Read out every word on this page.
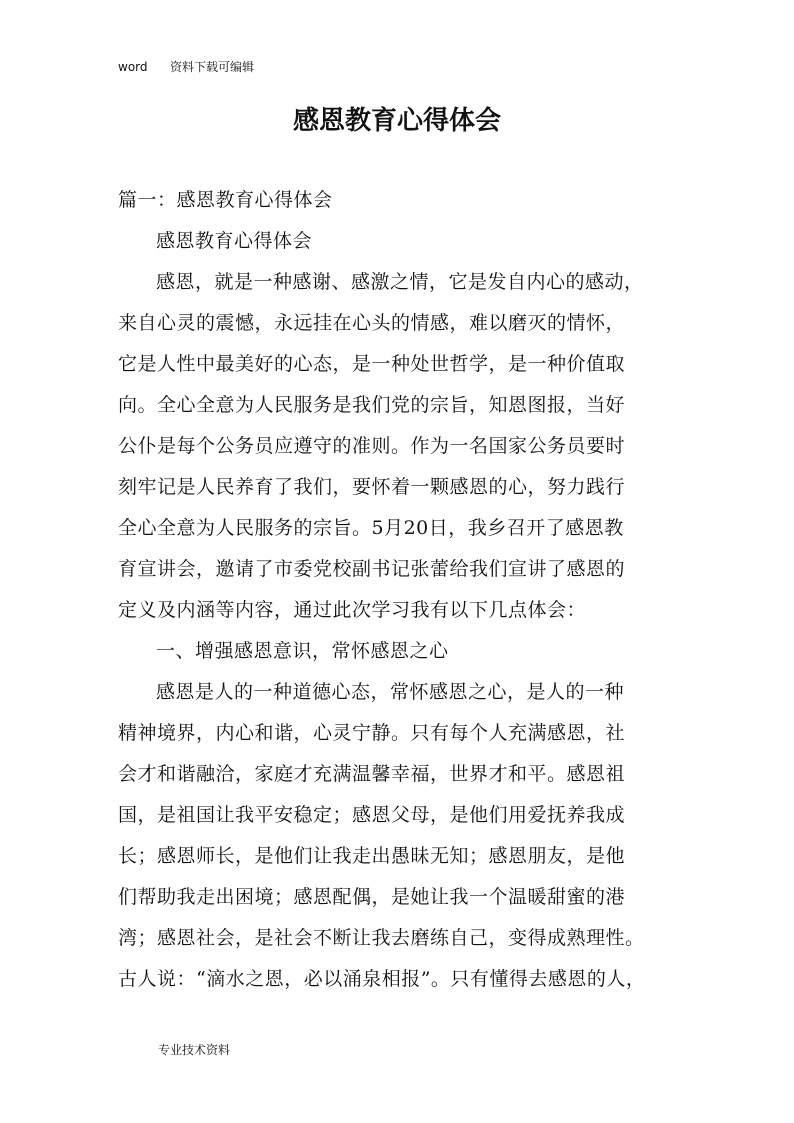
word 资料下载可编辑
感恩教育心得体会
篇一：感恩教育心得体会
感恩教育心得体会
感恩，就是一种感谢、感激之情，它是发自内心的感动，
来自心灵的震憾，永远挂在心头的情感，难以磨灭的情怀，
它是人性中最美好的心态，是一种处世哲学，是一种价值取
向。全心全意为人民服务是我们党的宗旨，知恩图报，当好
公仆是每个公务员应遵守的准则。作为一名国家公务员要时
刻牢记是人民养育了我们，要怀着一颗感恩的心，努力践行
全心全意为人民服务的宗旨。5月20日，我乡召开了感恩教
育宣讲会，邀请了市委党校副书记张蕾给我们宣讲了感恩的
定义及内涵等内容，通过此次学习我有以下几点体会：
一、增强感恩意识，常怀感恩之心
感恩是人的一种道德心态，常怀感恩之心，是人的一种
精神境界，内心和谐，心灵宁静。只有每个人充满感恩，社
会才和谐融洽，家庭才充满温馨幸福，世界才和平。感恩祖
国，是祖国让我平安稳定；感恩父母，是他们用爱抚养我成
长；感恩师长，是他们让我走出愚昧无知；感恩朋友，是他
们帮助我走出困境；感恩配偶，是她让我一个温暖甜蜜的港
湾；感恩社会，是社会不断让我去磨练自己，变得成熟理性。
古人说：“滴水之恩，必以涌泉相报”。只有懂得去感恩的人，
专业技术资料
